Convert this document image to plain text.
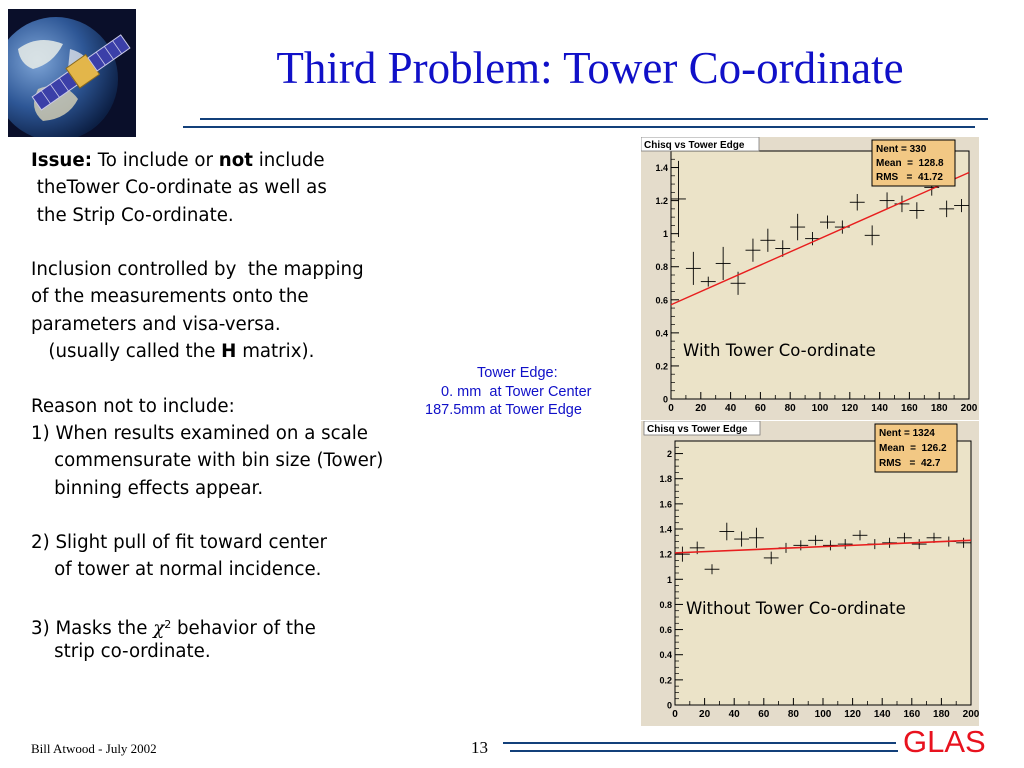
Third Problem: Tower Co-ordinate
Issue: To include or not include
theTower Co-ordinate as well as
the Strip Co-ordinate.
Inclusion controlled by  the mapping
of the measurements onto the
parameters and visa-versa.
(usually called the H matrix).
Reason not to include:
1) When results examined on a scale
commensurate with bin size (Tower)
binning effects appear.
2) Slight pull of fit toward center
of tower at normal incidence.
3) Masks the $\chi^2$ behavior of the
strip co-ordinate.
Tower Edge:
0. mm  at Tower Center
187.5mm at Tower Edge	0 20 40 60 80 100 120 140 160 180 200
0
0.2
0.4
0.6
0.8
1
1.2
1.4
Chisq vs Tower Edge	Nent = 330
Mean  =  128.8
RMS   =  41.72
With Tower Co-ordinate
0 20 40 60 80 100 120 140 160 180 200
0
0.2
0.4
0.6
0.8
1
1.2
1.4
1.6
1.8
2
Chisq vs Tower Edge	Nent = 1324
Mean  =  126.2
RMS   =  42.7
Without Tower Co-ordinate
Bill Atwood - July 2002	13	GLAS
